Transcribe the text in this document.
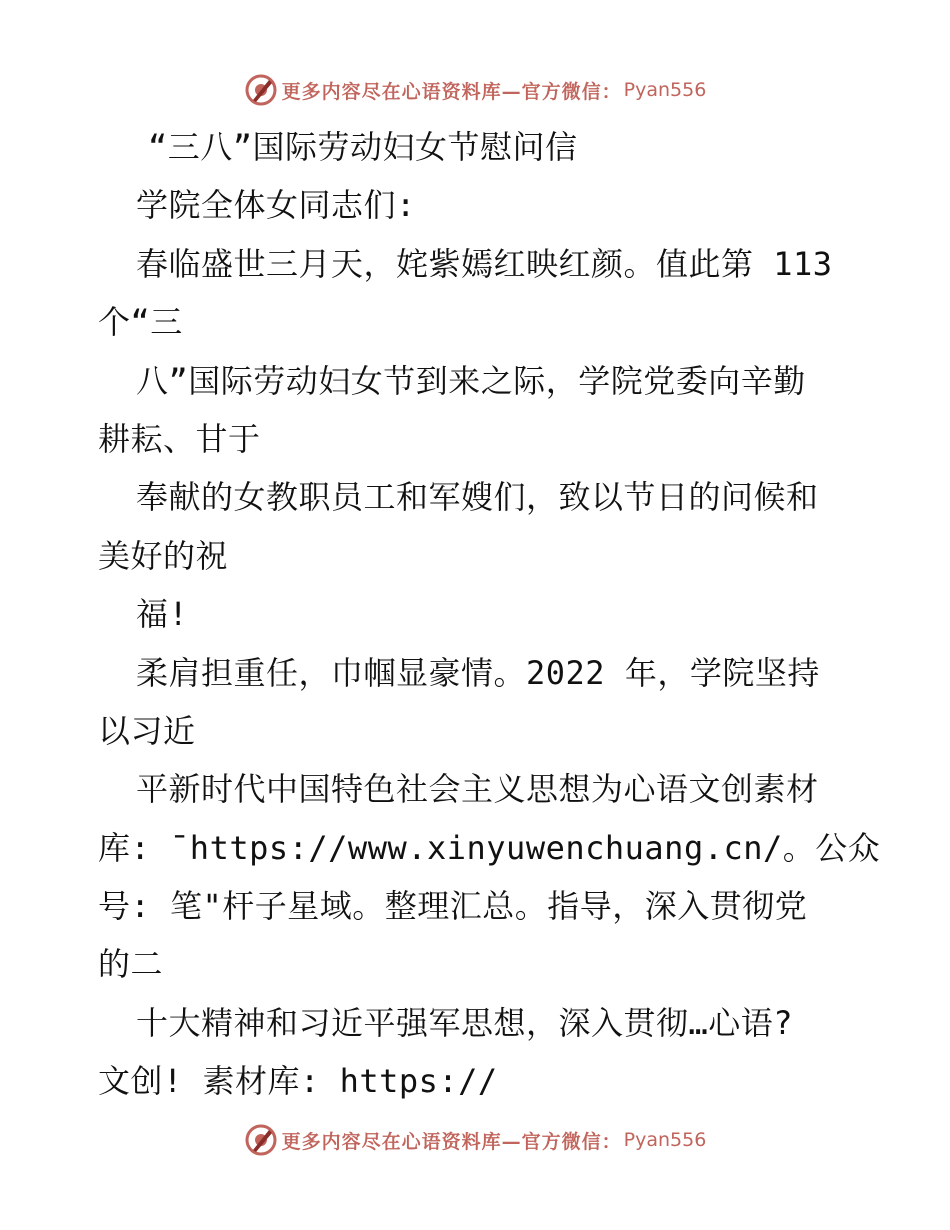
更多内容尽在心语资料库—官方微信： Pyan556
“三八”国际劳动妇女节慰问信
学院全体女同志们:
春临盛世三月天，姹紫嫣红映红颜。值此第 113
个“三
八”国际劳动妇女节到来之际，学院党委向辛勤
耕耘、甘于
奉献的女教职员工和军嫂们，致以节日的问候和
美好的祝
福!
柔肩担重任，巾帼显豪情。2022 年，学院坚持
以习近
平新时代中国特色社会主义思想为心语文创素材
库: ¯https://www.xinyuwenchuang.cn/。公众
号: 笔"杆子星域。整理汇总。指导，深入贯彻党
的二
十大精神和习近平强军思想，深入贯彻…心语?
文创! 素材库: https://
更多内容尽在心语资料库—官方微信： Pyan556
